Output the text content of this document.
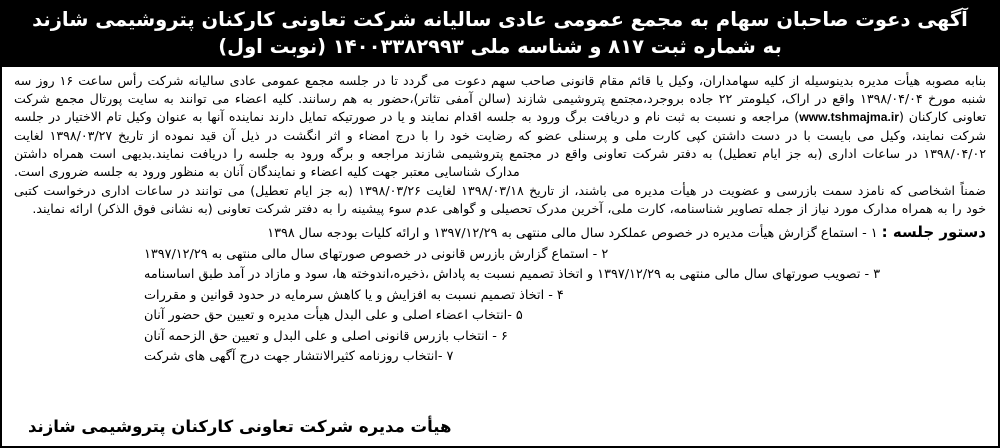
آگهی دعوت صاحبان سهام به مجمع عمومی عادی سالیانه شرکت تعاونی کارکنان پتروشیمی شازند
به شماره ثبت ۸۱۷ و شناسه ملی ۱۴۰۰۳۳۸۲۹۹۳ (نوبت اول)

بنابه مصوبه هیأت مدیره بدینوسیله از کلیه سهامداران، وکیل یا قائم مقام قانونی صاحب سهم دعوت می گردد تا در جلسه مجمع عمومی عادی سالیانه شرکت رأس ساعت ۱۶ روز سه شنبه مورخ ۱۳۹۸/۰۴/۰۴ واقع در اراک، کیلومتر ۲۲ جاده بروجرد،مجتمع پتروشیمی شازند (سالن آمفی تئاتر)،حضور به هم رسانند. کلیه اعضاء می توانند به سایت پورتال مجمع شرکت تعاونی کارکنان (www.tshmajma.ir) مراجعه و نسبت به ثبت نام و دریافت برگ ورود به جلسه اقدام نمایند و یا در صورتیکه تمایل دارند نماینده آنها به عنوان وکیل تام الاختیار در جلسه شرکت نمایند، وکیل می بایست با در دست داشتن کپی کارت ملی و پرسنلی عضو که رضایت خود را با درج امضاء و اثر انگشت در ذیل آن قید نموده از تاریخ ۱۳۹۸/۰۳/۲۷ لغایت ۱۳۹۸/۰۴/۰۲ در ساعات اداری (به جز ایام تعطیل) به دفتر شرکت تعاونی واقع در مجتمع پتروشیمی شازند مراجعه و برگه ورود به جلسه را دریافت نمایند.بدیهی است همراه داشتن مدارک شناسایی معتبر جهت کلیه اعضاء و نمایندگان آنان به منظور ورود به جلسه ضروری است.

ضمناً اشخاصی که نامزد سمت بازرسی و عضویت در هیأت مدیره می باشند، از تاریخ ۱۳۹۸/۰۳/۱۸ لغایت ۱۳۹۸/۰۳/۲۶ (به جز ایام تعطیل) می توانند در ساعات اداری درخواست کتبی خود را به همراه مدارک مورد نیاز از جمله تصاویر شناسنامه، کارت ملی، آخرین مدرک تحصیلی و گواهی عدم سوء پیشینه را به دفتر شرکت تعاونی (به نشانی فوق الذکر) ارائه نمایند.

دستور جلسه :
۱ - استماع گزارش هیأت مدیره در خصوص عملکرد سال مالی منتهی به ۱۳۹۷/۱۲/۲۹ و ارائه کلیات بودجه سال ۱۳۹۸
۲ - استماع گزارش بازرس قانونی در خصوص صورتهای سال مالی منتهی به ۱۳۹۷/۱۲/۲۹
۳ - تصویب صورتهای سال مالی منتهی به ۱۳۹۷/۱۲/۲۹ و اتخاذ تصمیم نسبت به پاداش ،ذخیره،اندوخته ها، سود و مازاد در آمد طبق اساسنامه
۴ - اتخاذ تصمیم نسبت به افزایش و یا کاهش سرمایه در حدود قوانین و مقررات
۵ -انتخاب اعضاء اصلی و علی البدل هیأت مدیره و تعیین حق حضور آنان
۶ - انتخاب بازرس قانونی اصلی و علی البدل و تعیین حق الزحمه آنان
۷ -انتخاب روزنامه کثیرالانتشار جهت درج آگهی های شرکت
هیأت مدیره شرکت تعاونی کارکنان پتروشیمی شازند
